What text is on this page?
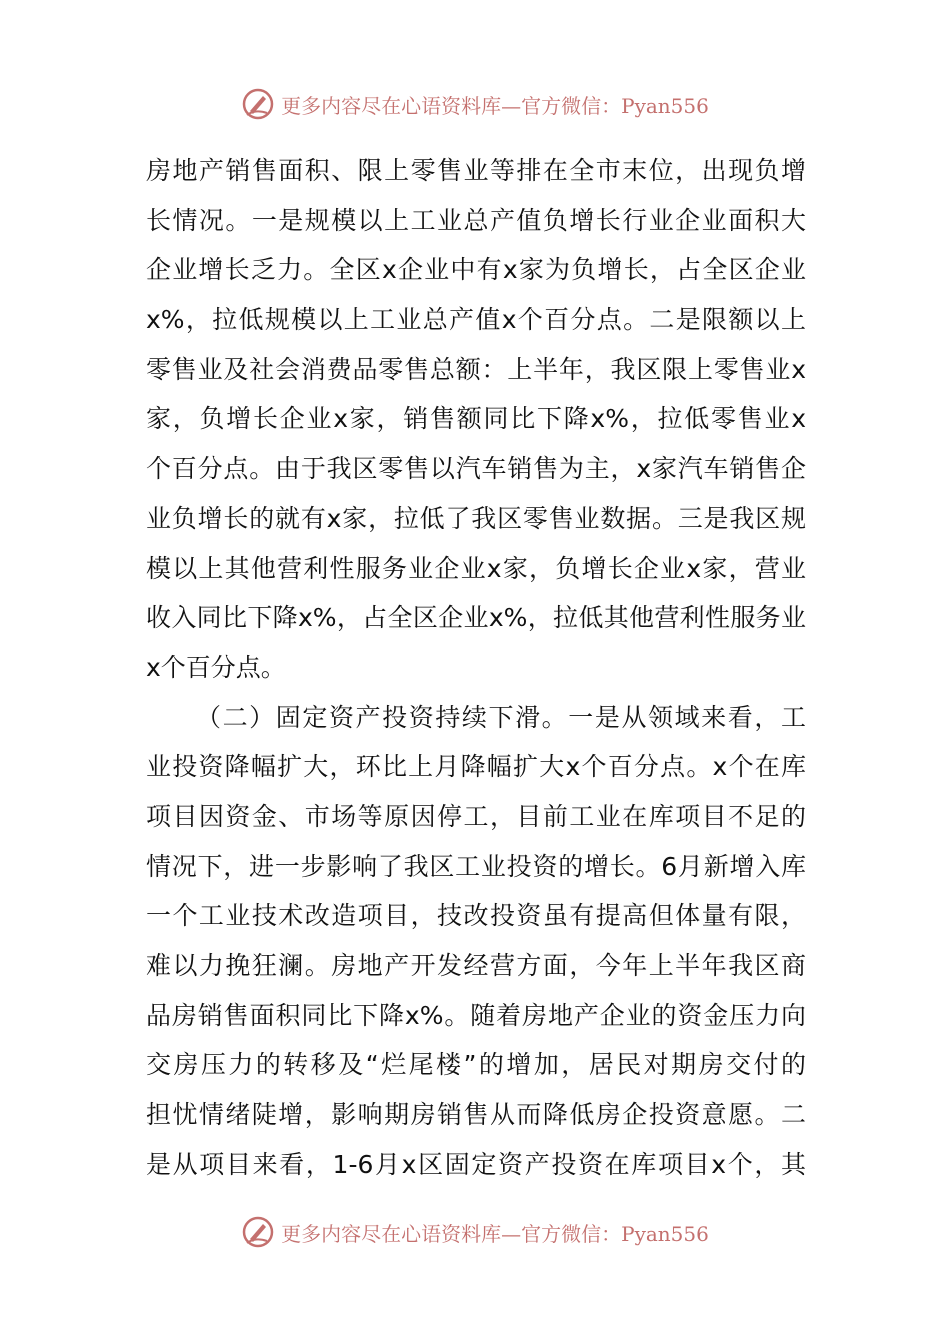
更多内容尽在心语资料库—官方微信：Pyan556
房地产销售面积、限上零售业等排在全市末位，出现负增
长情况。一是规模以上工业总产值负增长行业企业面积大
企业增长乏力。全区x企业中有x家为负增长，占全区企业
x%，拉低规模以上工业总产值x个百分点。二是限额以上
零售业及社会消费品零售总额：上半年，我区限上零售业x
家，负增长企业x家，销售额同比下降x%，拉低零售业x
个百分点。由于我区零售以汽车销售为主，x家汽车销售企
业负增长的就有x家，拉低了我区零售业数据。三是我区规
模以上其他营利性服务业企业x家，负增长企业x家，营业
收入同比下降x%，占全区企业x%，拉低其他营利性服务业
x个百分点。
（二）固定资产投资持续下滑。一是从领域来看，工
业投资降幅扩大，环比上月降幅扩大x个百分点。x个在库
项目因资金、市场等原因停工，目前工业在库项目不足的
情况下，进一步影响了我区工业投资的增长。6月新增入库
一个工业技术改造项目，技改投资虽有提高但体量有限，
难以力挽狂澜。房地产开发经营方面，今年上半年我区商
品房销售面积同比下降x%。随着房地产企业的资金压力向
交房压力的转移及“烂尾楼”的增加，居民对期房交付的
担忧情绪陡增，影响期房销售从而降低房企投资意愿。二
是从项目来看，1-6月x区固定资产投资在库项目x个，其
更多内容尽在心语资料库—官方微信：Pyan556
